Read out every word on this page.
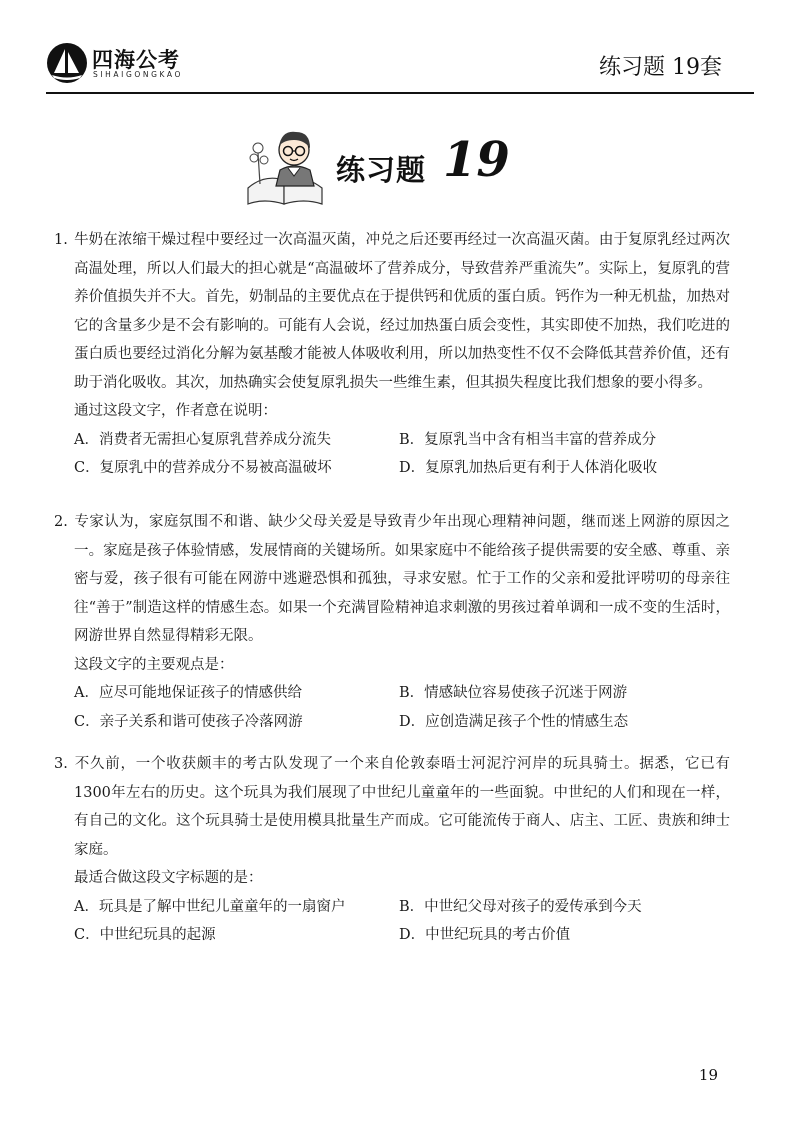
四海公考
SIHAIGONGKAO	练习题 19套
练习题 19

1. 牛奶在浓缩干燥过程中要经过一次高温灭菌，冲兑之后还要再经过一次高温灭菌。由于复原乳经过两次高温处理，所以人们最大的担心就是“高温破坏了营养成分，导致营养严重流失”。实际上，复原乳的营养价值损失并不大。首先，奶制品的主要优点在于提供钙和优质的蛋白质。钙作为一种无机盐，加热对它的含量多少是不会有影响的。可能有人会说，经过加热蛋白质会变性，其实即使不加热，我们吃进的蛋白质也要经过消化分解为氨基酸才能被人体吸收利用，所以加热变性不仅不会降低其营养价值，还有助于消化吸收。其次，加热确实会使复原乳损失一些维生素，但其损失程度比我们想象的要小得多。

通过这段文字，作者意在说明：

A．消费者无需担心复原乳营养成分流失	B．复原乳当中含有相当丰富的营养成分
C．复原乳中的营养成分不易被高温破坏	D．复原乳加热后更有利于人体消化吸收

2. 专家认为，家庭氛围不和谐、缺少父母关爱是导致青少年出现心理精神问题，继而迷上网游的原因之一。家庭是孩子体验情感，发展情商的关键场所。如果家庭中不能给孩子提供需要的安全感、尊重、亲密与爱，孩子很有可能在网游中逃避恐惧和孤独，寻求安慰。忙于工作的父亲和爱批评唠叨的母亲往往“善于”制造这样的情感生态。如果一个充满冒险精神追求刺激的男孩过着单调和一成不变的生活时，网游世界自然显得精彩无限。

这段文字的主要观点是：

A．应尽可能地保证孩子的情感供给	B．情感缺位容易使孩子沉迷于网游
C．亲子关系和谐可使孩子冷落网游	D．应创造满足孩子个性的情感生态

3. 不久前，一个收获颇丰的考古队发现了一个来自伦敦泰晤士河泥泞河岸的玩具骑士。据悉，它已有1300年左右的历史。这个玩具为我们展现了中世纪儿童童年的一些面貌。中世纪的人们和现在一样，有自己的文化。这个玩具骑士是使用模具批量生产而成。它可能流传于商人、店主、工匠、贵族和绅士家庭。

最适合做这段文字标题的是：

A．玩具是了解中世纪儿童童年的一扇窗户	B．中世纪父母对孩子的爱传承到今天
C．中世纪玩具的起源	D．中世纪玩具的考古价值
19
